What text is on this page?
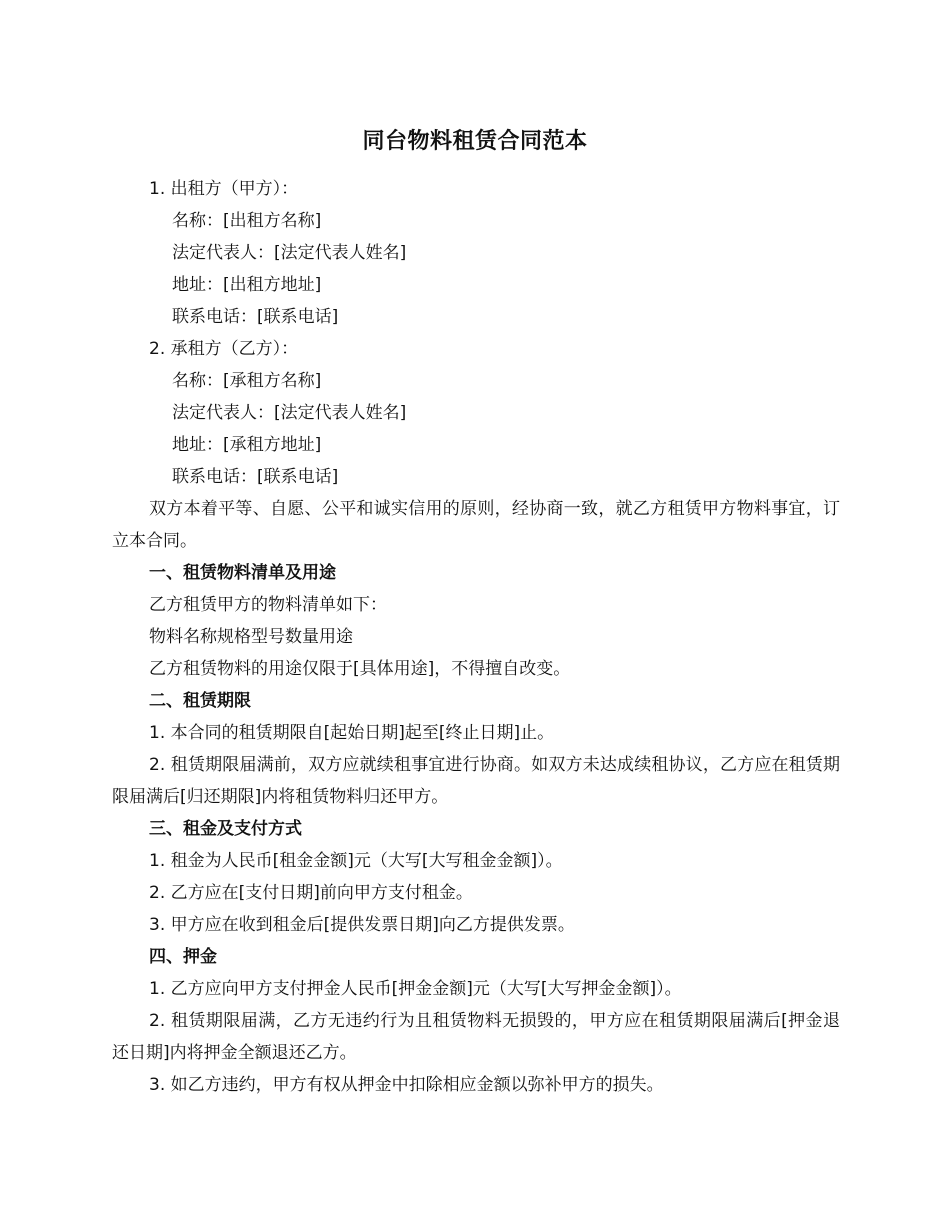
同台物料租赁合同范本

1. 出租方（甲方）：

名称：[出租方名称]

法定代表人：[法定代表人姓名]

地址：[出租方地址]

联系电话：[联系电话]

2. 承租方（乙方）：

名称：[承租方名称]

法定代表人：[法定代表人姓名]

地址：[承租方地址]

联系电话：[联系电话]

双方本着平等、自愿、公平和诚实信用的原则，经协商一致，就乙方租赁甲方物料事宜，订立本合同。

一、租赁物料清单及用途

乙方租赁甲方的物料清单如下：

物料名称规格型号数量用途

乙方租赁物料的用途仅限于[具体用途]，不得擅自改变。

二、租赁期限

1. 本合同的租赁期限自[起始日期]起至[终止日期]止。

2. 租赁期限届满前，双方应就续租事宜进行协商。如双方未达成续租协议，乙方应在租赁期限届满后[归还期限]内将租赁物料归还甲方。

三、租金及支付方式

1. 租金为人民币[租金金额]元（大写[大写租金金额]）。

2. 乙方应在[支付日期]前向甲方支付租金。

3. 甲方应在收到租金后[提供发票日期]向乙方提供发票。

四、押金

1. 乙方应向甲方支付押金人民币[押金金额]元（大写[大写押金金额]）。

2. 租赁期限届满，乙方无违约行为且租赁物料无损毁的，甲方应在租赁期限届满后[押金退还日期]内将押金全额退还乙方。

3. 如乙方违约，甲方有权从押金中扣除相应金额以弥补甲方的损失。
